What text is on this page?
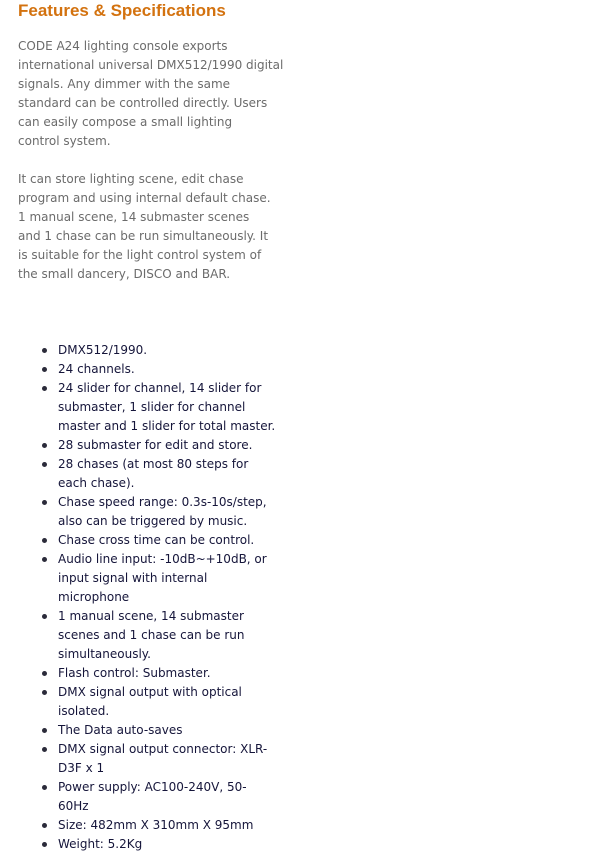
Features & Specifications
CODE A24 lighting console exports
international universal DMX512/1990 digital
signals. Any dimmer with the same
standard can be controlled directly. Users
can easily compose a small lighting
control system.
It can store lighting scene, edit chase
program and using internal default chase.
1 manual scene, 14 submaster scenes
and 1 chase can be run simultaneously. It
is suitable for the light control system of
the small dancery, DISCO and BAR.
DMX512/1990.
24 channels.
24 slider for channel, 14 slider for
submaster, 1 slider for channel
master and 1 slider for total master.
28 submaster for edit and store.
28 chases (at most 80 steps for
each chase).
Chase speed range: 0.3s-10s/step,
also can be triggered by music.
Chase cross time can be control.
Audio line input: -10dB~+10dB, or
input signal with internal
microphone
1 manual scene, 14 submaster
scenes and 1 chase can be run
simultaneously.
Flash control: Submaster.
DMX signal output with optical
isolated.
The Data auto-saves
DMX signal output connector: XLR-
D3F x 1
Power supply: AC100-240V, 50-
60Hz
Size: 482mm X 310mm X 95mm
Weight: 5.2Kg
